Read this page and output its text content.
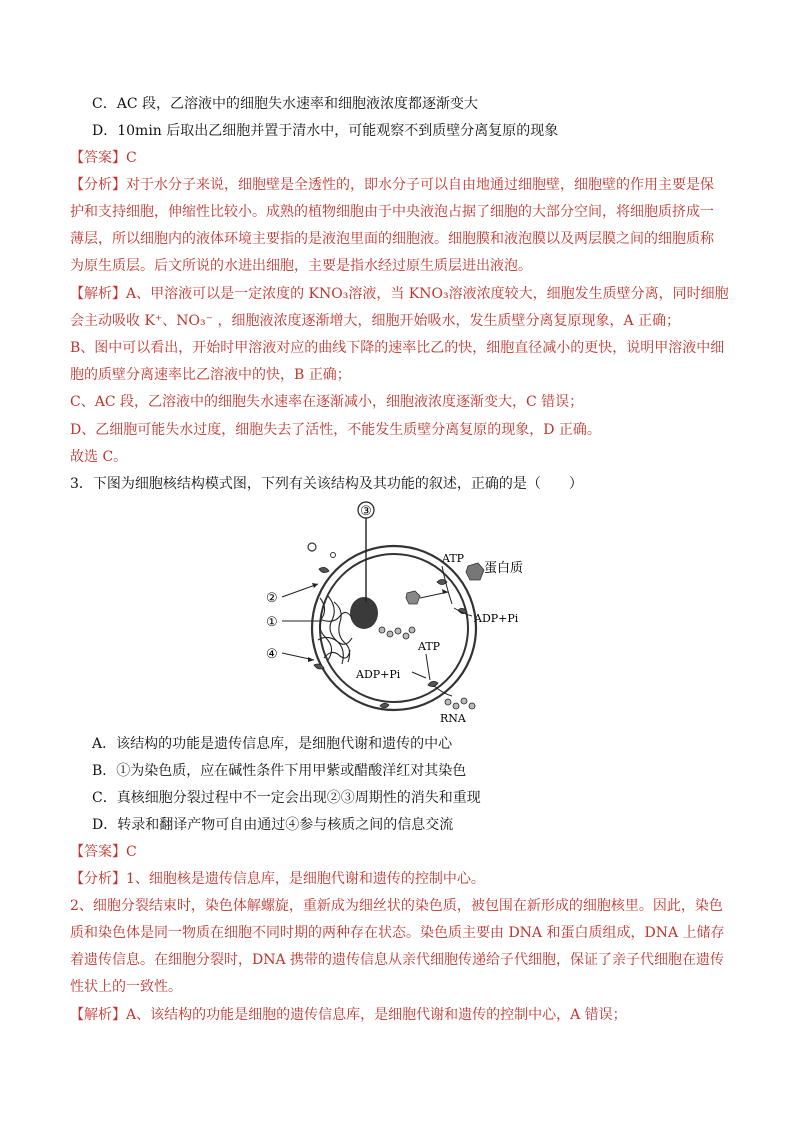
C．AC 段，乙溶液中的细胞失水速率和细胞液浓度都逐渐变大
D．10min 后取出乙细胞并置于清水中，可能观察不到质壁分离复原的现象
【答案】C
【分析】对于水分子来说，细胞壁是全透性的，即水分子可以自由地通过细胞壁，细胞壁的作用主要是保
护和支持细胞，伸缩性比较小。成熟的植物细胞由于中央液泡占据了细胞的大部分空间，将细胞质挤成一
薄层，所以细胞内的液体环境主要指的是液泡里面的细胞液。细胞膜和液泡膜以及两层膜之间的细胞质称
为原生质层。后文所说的水进出细胞，主要是指水经过原生质层进出液泡。
【解析】A、甲溶液可以是一定浓度的 KNO₃溶液，当 KNO₃溶液浓度较大，细胞发生质壁分离，同时细胞
会主动吸收 K⁺、NO₃⁻ ，细胞液浓度逐渐增大，细胞开始吸水，发生质壁分离复原现象，A 正确；
B、图中可以看出，开始时甲溶液对应的曲线下降的速率比乙的快，细胞直径减小的更快，说明甲溶液中细
胞的质壁分离速率比乙溶液中的快，B 正确；
C、AC 段，乙溶液中的细胞失水速率在逐渐减小，细胞液浓度逐渐变大，C 错误；
D、乙细胞可能失水过度，细胞失去了活性，不能发生质壁分离复原的现象，D 正确。
故选 C。
3．下图为细胞核结构模式图，下列有关该结构及其功能的叙述，正确的是（　　）
③
蛋白质
ATP
ADP+Pi
RNA
ATP
ADP+Pi
②
①
④
A．该结构的功能是遗传信息库，是细胞代谢和遗传的中心
B．①为染色质，应在碱性条件下用甲紫或醋酸洋红对其染色
C．真核细胞分裂过程中不一定会出现②③周期性的消失和重现
D．转录和翻译产物可自由通过④参与核质之间的信息交流
【答案】C
【分析】1、细胞核是遗传信息库，是细胞代谢和遗传的控制中心。
2、细胞分裂结束时，染色体解螺旋，重新成为细丝状的染色质，被包围在新形成的细胞核里。因此，染色
质和染色体是同一物质在细胞不同时期的两种存在状态。染色质主要由 DNA 和蛋白质组成，DNA 上储存
着遗传信息。在细胞分裂时，DNA 携带的遗传信息从亲代细胞传递给子代细胞，保证了亲子代细胞在遗传
性状上的一致性。
【解析】A、该结构的功能是细胞的遗传信息库，是细胞代谢和遗传的控制中心，A 错误；
